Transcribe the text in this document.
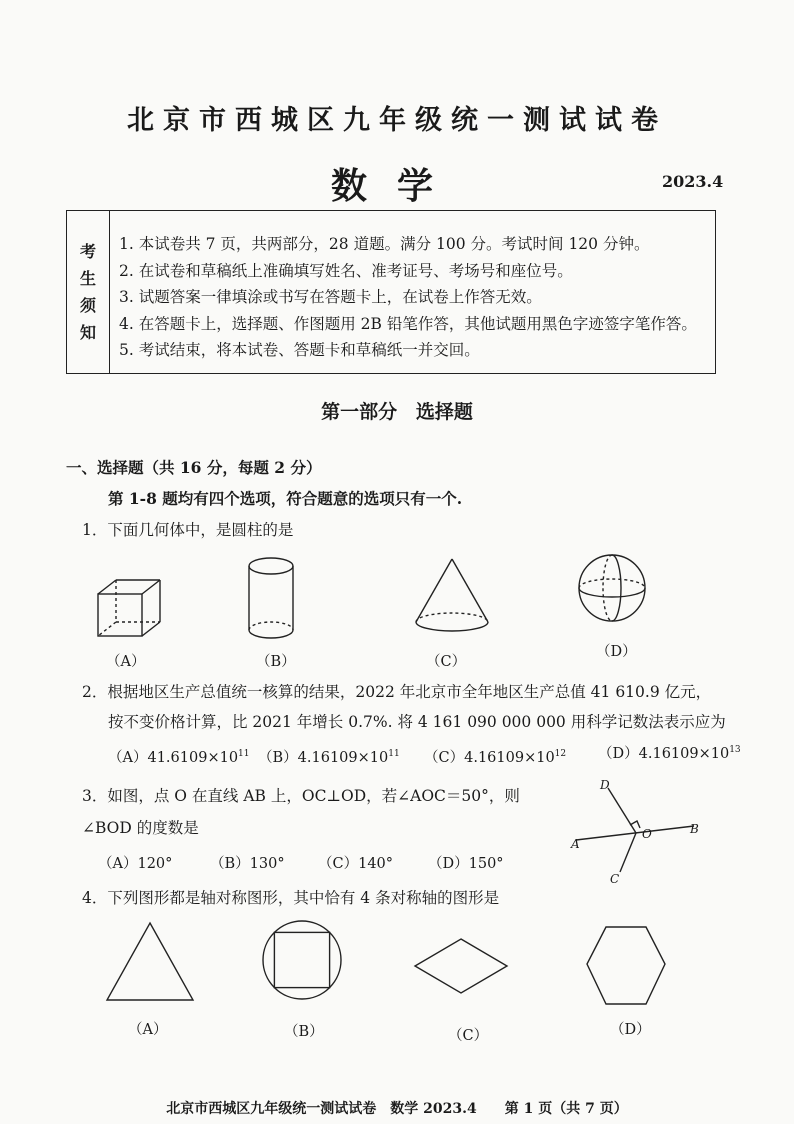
北京市西城区九年级统一测试试卷
数学	2023.4
考
生
须
知
1. 本试卷共 7 页，共两部分，28 道题。满分 100 分。考试时间 120 分钟。
2. 在试卷和草稿纸上准确填写姓名、准考证号、考场号和座位号。
3. 试题答案一律填涂或书写在答题卡上，在试卷上作答无效。
4. 在答题卡上，选择题、作图题用 2B 铅笔作答，其他试题用黑色字迹签字笔作答。
5. 考试结束，将本试卷、答题卡和草稿纸一并交回。
第一部分 选择题
一、选择题（共 16 分，每题 2 分）
第 1-8 题均有四个选项，符合题意的选项只有一个.
1．下面几何体中，是圆柱的是
（A）	（B）	（C）
（D）
2．根据地区生产总值统一核算的结果，2022 年北京市全年地区生产总值 41 610.9 亿元，
按不变价格计算，比 2021 年增长 0.7%. 将 4 161 090 000 000 用科学记数法表示应为
$(A)41.6109\times 10^{11}$ $(B)4.16109\times 10^{11}$ $(C)4.16109\times 10^{12}$ $(D)4.16109\times 10^{13}$
3．如图，点 O 在直线 AB 上，OC⊥OD，若∠AOC＝50°，则
∠BOD 的度数是
（A）120°	（B）130° （C）140° （D）150°
A
B
C
D
O
4．下列图形都是轴对称图形，其中恰有 4 条对称轴的图形是
（A）	（B）	（C）	（D）
北京市西城区九年级统一测试试卷　数学 2023.4　　第 1 页（共 7 页）
